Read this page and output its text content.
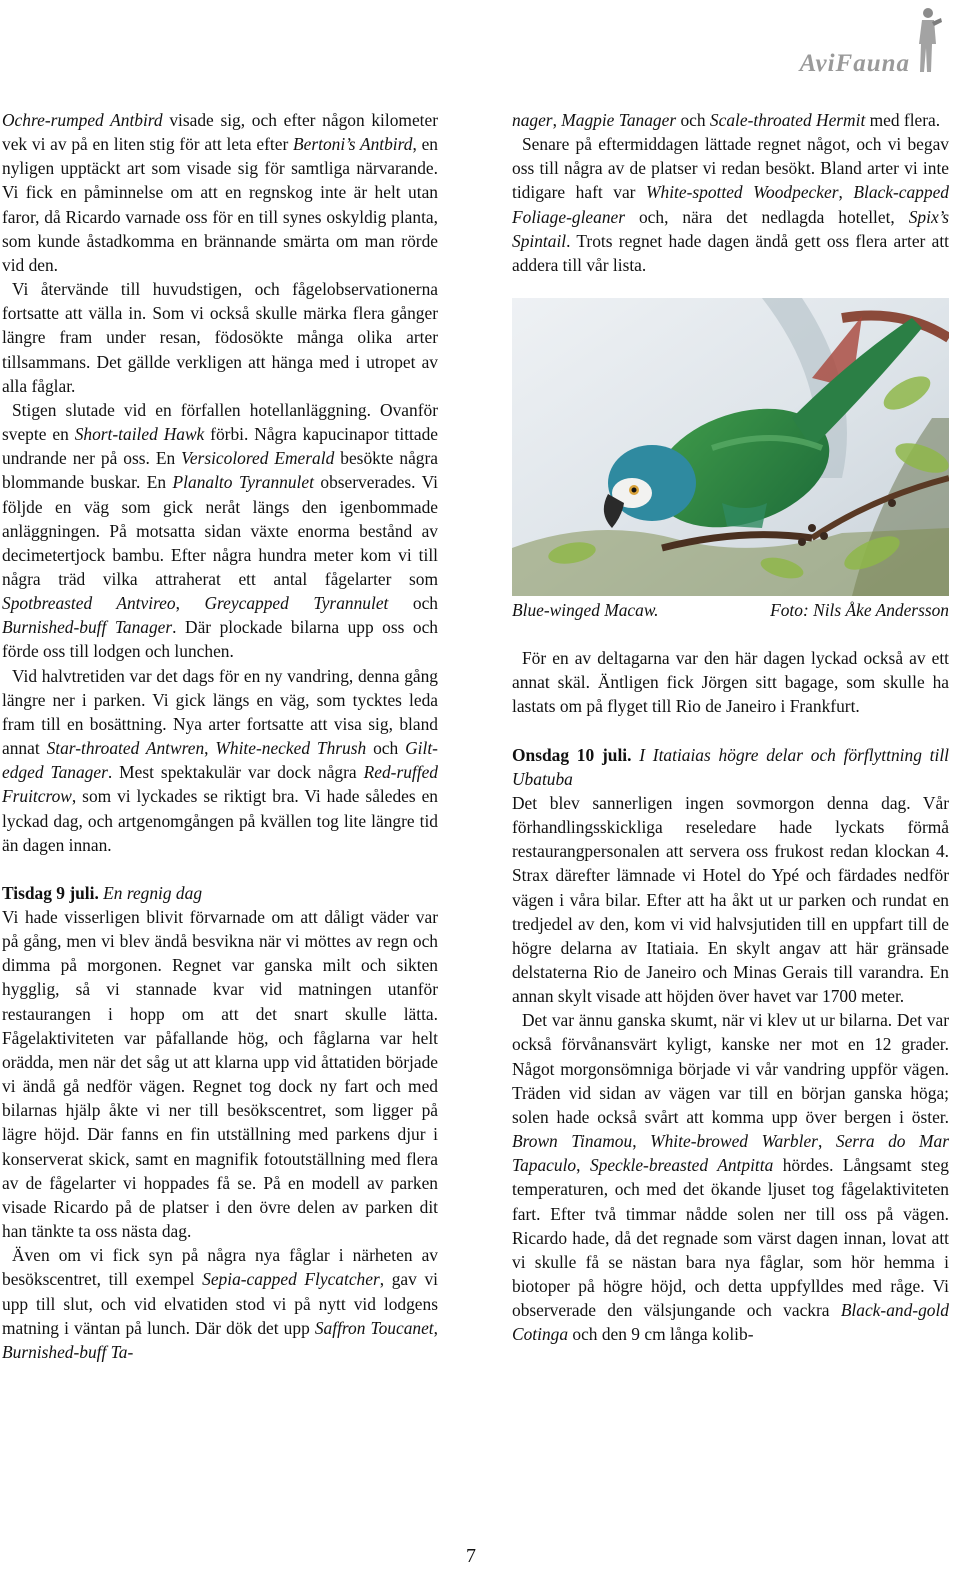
AviFauna

Ochre-rumped Antbird visade sig, och efter någon kilometer vek vi av på en liten stig för att leta efter Bertoni’s Antbird, en nyligen upptäckt art som visade sig för samtliga närvarande. Vi fick en påminnelse om att en regnskog inte är helt utan faror, då Ricardo varnade oss för en till synes oskyldig planta, som kunde åstadkomma en brännande smärta om man rörde vid den.

Vi återvände till huvudstigen, och fågelobservationerna fortsatte att välla in. Som vi också skulle märka flera gånger längre fram under resan, födosökte många olika arter tillsammans. Det gällde verkligen att hänga med i utropet av alla fåglar.

Stigen slutade vid en förfallen hotellanläggning. Ovanför svepte en Short-tailed Hawk förbi. Några kapucinapor tittade undrande ner på oss. En Versicolored Emerald besökte några blommande buskar. En Planalto Tyrannulet observerades. Vi följde en väg som gick neråt längs den igenbommade anläggningen. På motsatta sidan växte enorma bestånd av decimetertjock bambu. Efter några hundra meter kom vi till några träd vilka attraherat ett antal fågelarter som Spotbreasted Antvireo, Greycapped Tyrannulet och Burnished-buff Tanager. Där plockade bilarna upp oss och förde oss till lodgen och lunchen.

Vid halvtretiden var det dags för en ny vandring, denna gång längre ner i parken. Vi gick längs en väg, som tycktes leda fram till en bosättning. Nya arter fortsatte att visa sig, bland annat Star-throated Antwren, White-necked Thrush och Gilt-edged Tanager. Mest spektakulär var dock några Red-ruffed Fruitcrow, som vi lyckades se riktigt bra. Vi hade således en lyckad dag, och artgenomgången på kvällen tog lite längre tid än dagen innan.

Tisdag 9 juli. En regnig dag

Vi hade visserligen blivit förvarnade om att dåligt väder var på gång, men vi blev ändå besvikna när vi möttes av regn och dimma på morgonen. Regnet var ganska milt och sikten hygglig, så vi stannade kvar vid matningen utanför restaurangen i hopp om att det snart skulle lätta. Fågelaktiviteten var påfallande hög, och fåglarna var helt orädda, men när det såg ut att klarna upp vid åttatiden började vi ändå gå nedför vägen. Regnet tog dock ny fart och med bilarnas hjälp åkte vi ner till besökscentret, som ligger på lägre höjd. Där fanns en fin utställning med parkens djur i konserverat skick, samt en magnifik fotoutställning med flera av de fågelarter vi hoppades få se. På en modell av parken visade Ricardo på de platser i den övre delen av parken dit han tänkte ta oss nästa dag.

Även om vi fick syn på några nya fåglar i närheten av besökscentret, till exempel Sepia-capped Flycatcher, gav vi upp till slut, och vid elvatiden stod vi på nytt vid lodgens matning i väntan på lunch. Där dök det upp Saffron Toucanet, Burnished-buff Ta-

nager, Magpie Tanager och Scale-throated Hermit med flera.

Senare på eftermiddagen lättade regnet något, och vi begav oss till några av de platser vi redan besökt. Bland arter vi inte tidigare haft var White-spotted Woodpecker, Black-capped Foliage-gleaner och, nära det nedlagda hotellet, Spix’s Spintail. Trots regnet hade dagen ändå gett oss flera arter att addera till vår lista.

Blue-winged Macaw.	Foto: Nils Åke Andersson

För en av deltagarna var den här dagen lyckad också av ett annat skäl. Äntligen fick Jörgen sitt bagage, som skulle ha lastats om på flyget till Rio de Janeiro i Frankfurt.

Onsdag 10 juli. I Itatiaias högre delar och förflyttning till Ubatuba

Det blev sannerligen ingen sovmorgon denna dag. Vår förhandlingsskickliga reseledare hade lyckats förmå restaurangpersonalen att servera oss frukost redan klockan 4. Strax därefter lämnade vi Hotel do Ypé och färdades nedför vägen i våra bilar. Efter att ha åkt ut ur parken och rundat en tredjedel av den, kom vi vid halvsjutiden till en uppfart till de högre delarna av Itatiaia. En skylt angav att här gränsade delstaterna Rio de Janeiro och Minas Gerais till varandra. En annan skylt visade att höjden över havet var 1700 meter.

Det var ännu ganska skumt, när vi klev ut ur bilarna. Det var också förvånansvärt kyligt, kanske ner mot en 12 grader. Något morgonsömniga började vi vår vandring uppför vägen. Träden vid sidan av vägen var till en början ganska höga; solen hade också svårt att komma upp över bergen i öster. Brown Tinamou, White-browed Warbler, Serra do Mar Tapaculo, Speckle-breasted Antpitta hördes. Långsamt steg temperaturen, och med det ökande ljuset tog fågelaktiviteten fart. Efter två timmar nådde solen ner till oss på vägen. Ricardo hade, då det regnade som värst dagen innan, lovat att vi skulle få se nästan bara nya fåglar, som hör hemma i biotoper på högre höjd, och detta uppfylldes med råge. Vi observerade den välsjungande och vackra Black-and-gold Cotinga och den 9 cm långa kolib-

7
